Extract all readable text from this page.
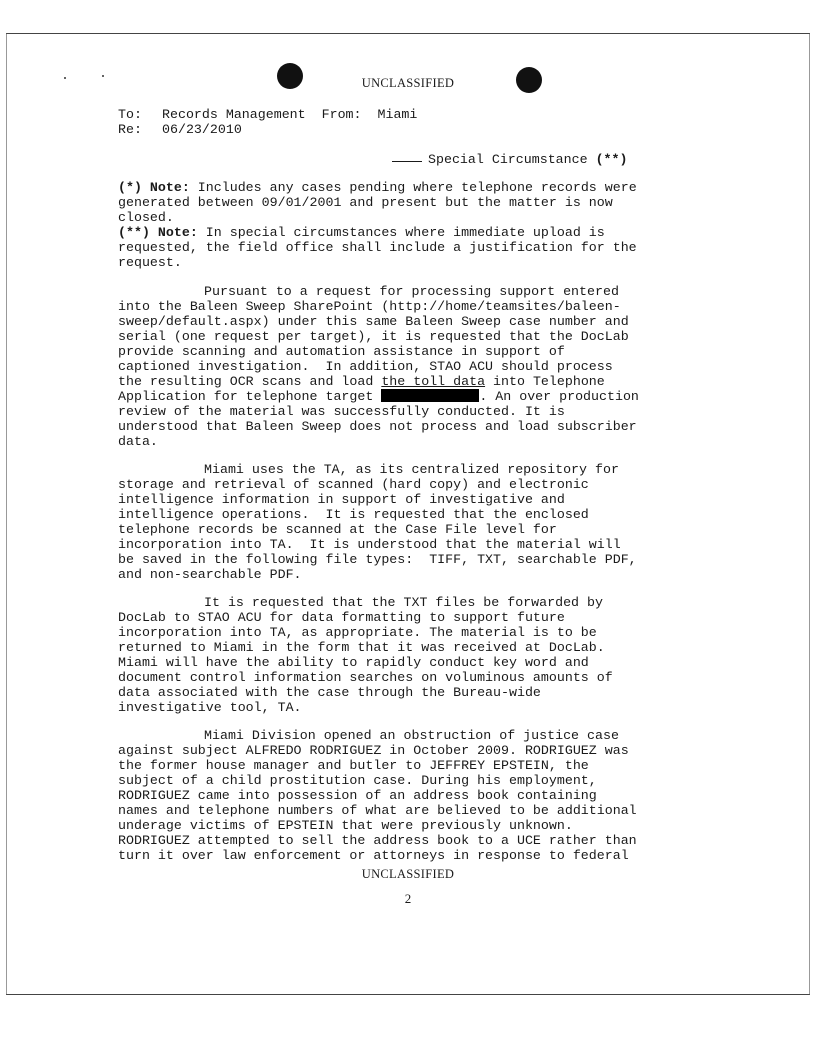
UNCLASSIFIED
To: Records Management From: Miami
Re: 06/23/2010
Special Circumstance (**)
(*) Note: Includes any cases pending where telephone records were
generated between 09/01/2001 and present but the matter is now
closed.
(**) Note: In special circumstances where immediate upload is
requested, the field office shall include a justification for the
request.
Pursuant to a request for processing support entered
into the Baleen Sweep SharePoint (http://home/teamsites/baleen-
sweep/default.aspx) under this same Baleen Sweep case number and
serial (one request per target), it is requested that the DocLab
provide scanning and automation assistance in support of
captioned investigation.  In addition, STAO ACU should process
the resulting OCR scans and load the toll data into Telephone
Application for telephone target	. An over production
review of the material was successfully conducted. It is
understood that Baleen Sweep does not process and load subscriber
data.
Miami uses the TA, as its centralized repository for
storage and retrieval of scanned (hard copy) and electronic
intelligence information in support of investigative and
intelligence operations.  It is requested that the enclosed
telephone records be scanned at the Case File level for
incorporation into TA.  It is understood that the material will
be saved in the following file types:  TIFF, TXT, searchable PDF,
and non-searchable PDF.
It is requested that the TXT files be forwarded by
DocLab to STAO ACU for data formatting to support future
incorporation into TA, as appropriate. The material is to be
returned to Miami in the form that it was received at DocLab.
Miami will have the ability to rapidly conduct key word and
document control information searches on voluminous amounts of
data associated with the case through the Bureau-wide
investigative tool, TA.
Miami Division opened an obstruction of justice case
against subject ALFREDO RODRIGUEZ in October 2009. RODRIGUEZ was
the former house manager and butler to JEFFREY EPSTEIN, the
subject of a child prostitution case. During his employment,
RODRIGUEZ came into possession of an address book containing
names and telephone numbers of what are believed to be additional
underage victims of EPSTEIN that were previously unknown.
RODRIGUEZ attempted to sell the address book to a UCE rather than
turn it over law enforcement or attorneys in response to federal
UNCLASSIFIED
2
